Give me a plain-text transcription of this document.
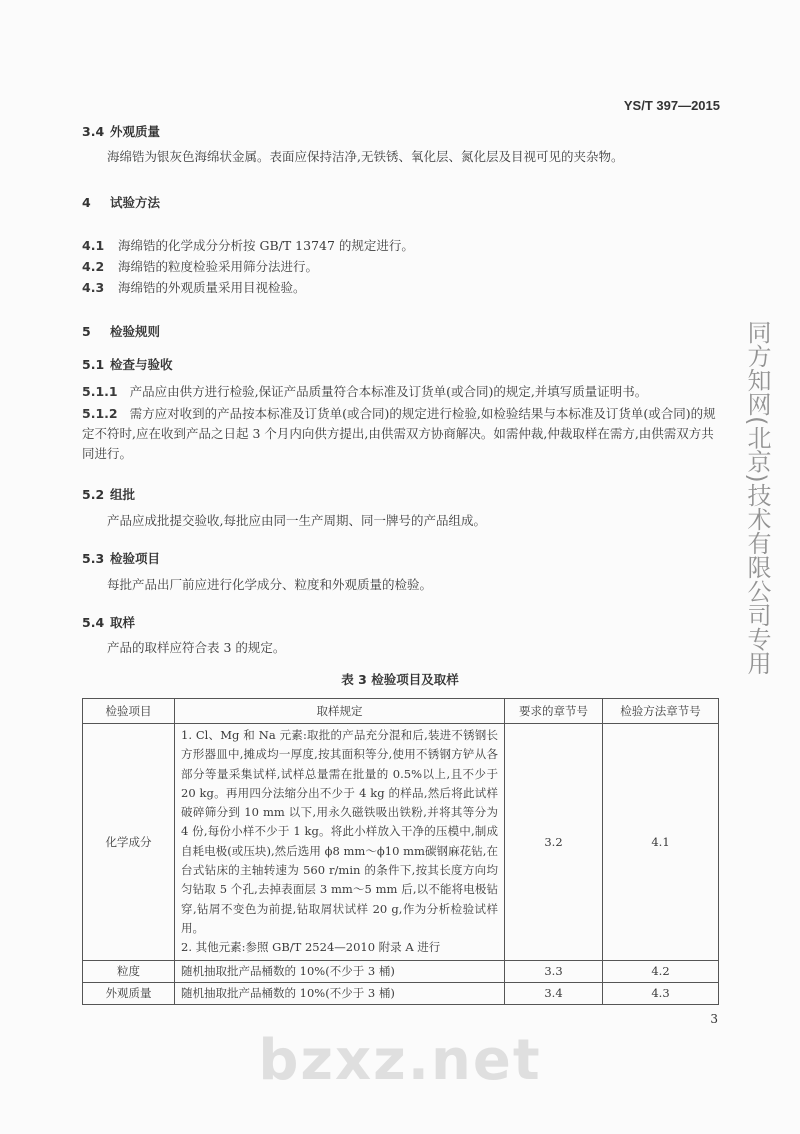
YS/T 397—2015
3.4 外观质量
海绵锆为银灰色海绵状金属。表面应保持洁净,无铁锈、氧化层、氮化层及目视可见的夹杂物。
4 试验方法
4.1 海绵锆的化学成分分析按 GB/T 13747 的规定进行。
4.2 海绵锆的粒度检验采用筛分法进行。
4.3 海绵锆的外观质量采用目视检验。
5 检验规则
5.1 检查与验收
5.1.1 产品应由供方进行检验,保证产品质量符合本标准及订货单(或合同)的规定,并填写质量证明书。
5.1.2 需方应对收到的产品按本标准及订货单(或合同)的规定进行检验,如检验结果与本标准及订货单(或合同)的规定不符时,应在收到产品之日起 3 个月内向供方提出,由供需双方协商解决。如需仲裁,仲裁取样在需方,由供需双方共同进行。
5.2 组批
产品应成批提交验收,每批应由同一生产周期、同一牌号的产品组成。
5.3 检验项目
每批产品出厂前应进行化学成分、粒度和外观质量的检验。
5.4 取样
产品的取样应符合表 3 的规定。
表 3 检验项目及取样
检验项目	取样规定	要求的章节号	检验方法章节号
化学成分	1. Cl、Mg 和 Na 元素:取批的产品充分混和后,装进不锈钢长方形器皿中,摊成均一厚度,按其面积等分,使用不锈钢方铲从各部分等量采集试样,试样总量需在批量的 0.5%以上,且不少于 20 kg。再用四分法缩分出不少于 4 kg 的样品,然后将此试样破碎筛分到 10 mm 以下,用永久磁铁吸出铁粉,并将其等分为 4 份,每份小样不少于 1 kg。将此小样放入干净的压模中,制成自耗电极(或压块),然后选用 ϕ8 mm～ϕ10 mm碳钢麻花钻,在台式钻床的主轴转速为 560 r/min 的条件下,按其长度方向均匀钻取 5 个孔,去掉表面层 3 mm～5 mm 后,以不能将电极钻穿,钻屑不变色为前提,钻取屑状试样 20 g,作为分析检验试样用。
2. 其他元素:参照 GB/T 2524—2010 附录 A 进行	3.2	4.1
粒度	随机抽取批产品桶数的 10%(不少于 3 桶)	3.3	4.2
外观质量	随机抽取批产品桶数的 10%(不少于 3 桶)	3.4	4.3
3
bzxz.net
同方知网(北京)技术有限公司专用
